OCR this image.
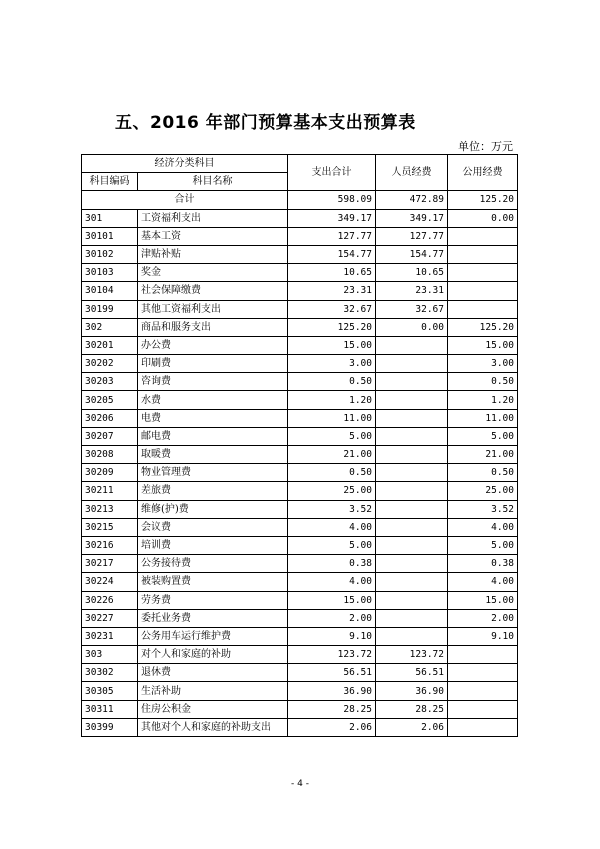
五、2016 年部门预算基本支出预算表
单位：万元
经济分类科目		支出合计	人员经费	公用经费
科目编码	科目名称			
合计		598.09	472.89	125.20
301	工资福利支出	349.17	349.17	0.00
30101	基本工资	127.77	127.77	
30102	津贴补贴	154.77	154.77	
30103	奖金	10.65	10.65	
30104	社会保障缴费	23.31	23.31	
30199	其他工资福利支出	32.67	32.67	
302	商品和服务支出	125.20	0.00	125.20
30201	办公费	15.00		15.00
30202	印刷费	3.00		3.00
30203	咨询费	0.50		0.50
30205	水费	1.20		1.20
30206	电费	11.00		11.00
30207	邮电费	5.00		5.00
30208	取暖费	21.00		21.00
30209	物业管理费	0.50		0.50
30211	差旅费	25.00		25.00
30213	维修(护)费	3.52		3.52
30215	会议费	4.00		4.00
30216	培训费	5.00		5.00
30217	公务接待费	0.38		0.38
30224	被装购置费	4.00		4.00
30226	劳务费	15.00		15.00
30227	委托业务费	2.00		2.00
30231	公务用车运行维护费	9.10		9.10
303	对个人和家庭的补助	123.72	123.72	
30302	退休费	56.51	56.51	
30305	生活补助	36.90	36.90	
30311	住房公积金	28.25	28.25	
30399	其他对个人和家庭的补助支出	2.06	2.06	
- 4 -
